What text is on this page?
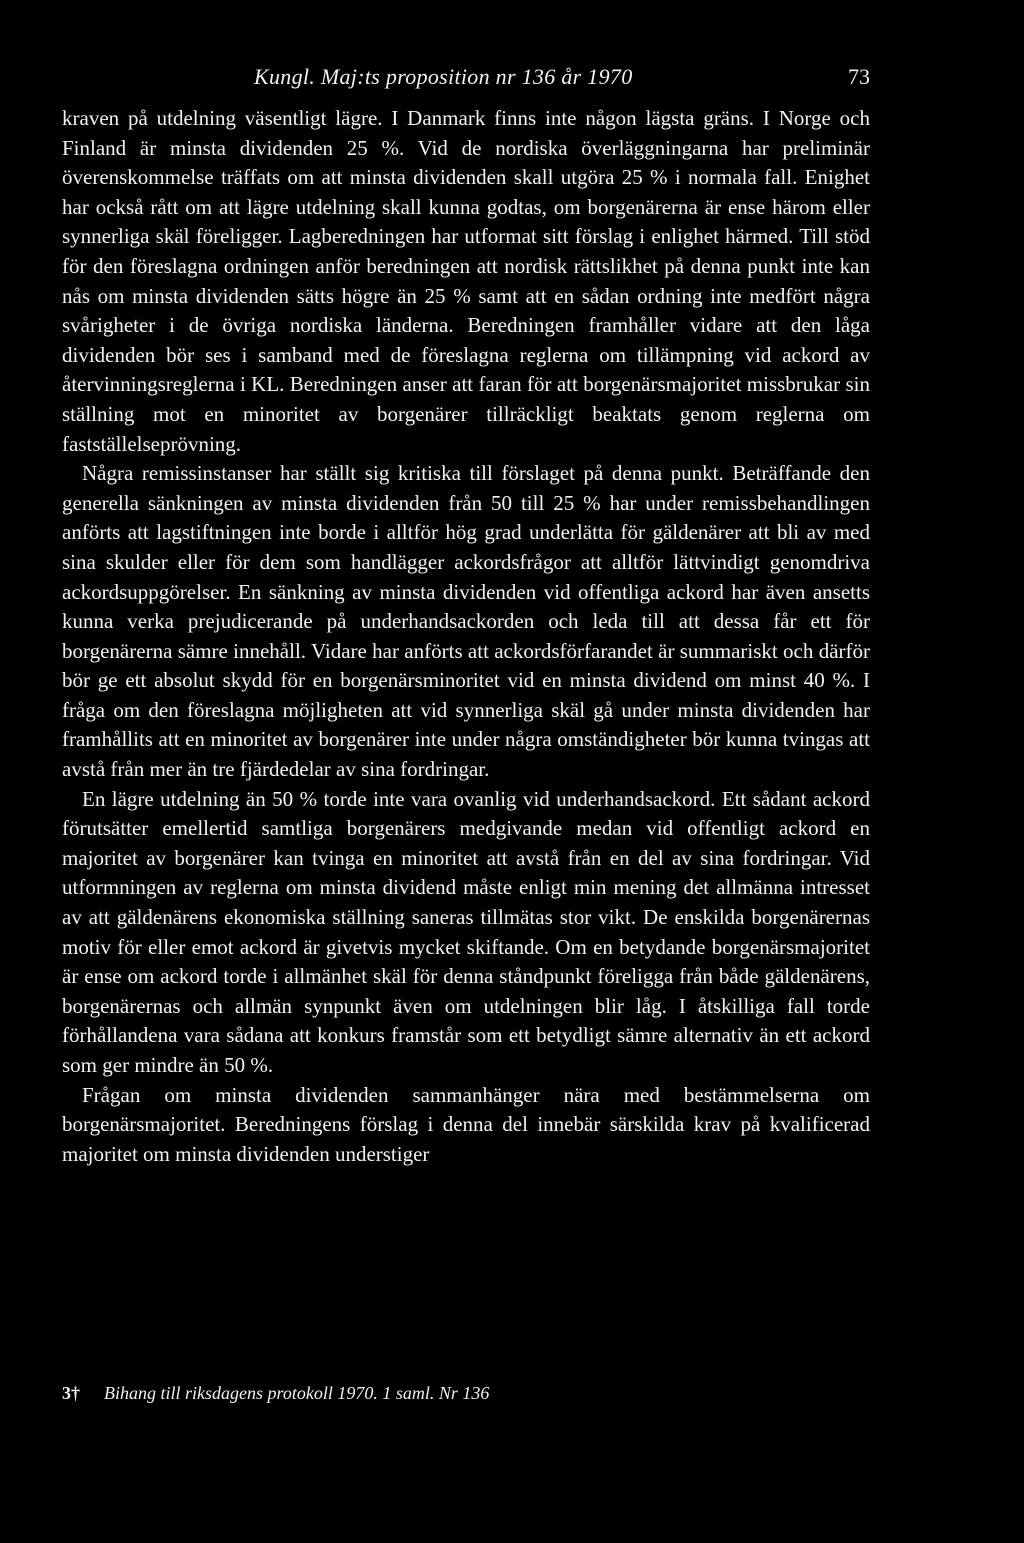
Kungl. Maj:ts proposition nr 136 år 1970	73

kraven på utdelning väsentligt lägre. I Danmark finns inte någon lägsta gräns. I Norge och Finland är minsta dividenden 25 %. Vid de nordiska överläggningarna har preliminär överenskommelse träffats om att minsta dividenden skall utgöra 25 % i normala fall. Enighet har också rått om att lägre utdelning skall kunna godtas, om borgenärerna är ense härom eller synnerliga skäl föreligger. Lagberedningen har utformat sitt förslag i enlighet härmed. Till stöd för den föreslagna ordningen anför beredningen att nordisk rättslikhet på denna punkt inte kan nås om minsta dividenden sätts högre än 25 % samt att en sådan ordning inte medfört några svårigheter i de övriga nordiska länderna. Beredningen framhåller vidare att den låga dividenden bör ses i samband med de föreslagna reglerna om tillämpning vid ackord av återvinningsreglerna i KL. Beredningen anser att faran för att borgenärsmajoritet missbrukar sin ställning mot en minoritet av borgenärer tillräckligt beaktats genom reglerna om fastställelseprövning.

Några remissinstanser har ställt sig kritiska till förslaget på denna punkt. Beträffande den generella sänkningen av minsta dividenden från 50 till 25 % har under remissbehandlingen anförts att lagstiftningen inte borde i alltför hög grad underlätta för gäldenärer att bli av med sina skulder eller för dem som handlägger ackordsfrågor att alltför lättvindigt genomdriva ackordsuppgörelser. En sänkning av minsta dividenden vid offentliga ackord har även ansetts kunna verka prejudicerande på underhandsackorden och leda till att dessa får ett för borgenärerna sämre innehåll. Vidare har anförts att ackordsförfarandet är summariskt och därför bör ge ett absolut skydd för en borgenärsminoritet vid en minsta dividend om minst 40 %. I fråga om den föreslagna möjligheten att vid synnerliga skäl gå under minsta dividenden har framhållits att en minoritet av borgenärer inte under några omständigheter bör kunna tvingas att avstå från mer än tre fjärdedelar av sina fordringar.

En lägre utdelning än 50 % torde inte vara ovanlig vid underhandsackord. Ett sådant ackord förutsätter emellertid samtliga borgenärers medgivande medan vid offentligt ackord en majoritet av borgenärer kan tvinga en minoritet att avstå från en del av sina fordringar. Vid utformningen av reglerna om minsta dividend måste enligt min mening det allmänna intresset av att gäldenärens ekonomiska ställning saneras tillmätas stor vikt. De enskilda borgenärernas motiv för eller emot ackord är givetvis mycket skiftande. Om en betydande borgenärsmajoritet är ense om ackord torde i allmänhet skäl för denna ståndpunkt föreligga från både gäldenärens, borgenärernas och allmän synpunkt även om utdelningen blir låg. I åtskilliga fall torde förhållandena vara sådana att konkurs framstår som ett betydligt sämre alternativ än ett ackord som ger mindre än 50 %.

Frågan om minsta dividenden sammanhänger nära med bestämmelserna om borgenärsmajoritet. Beredningens förslag i denna del innebär särskilda krav på kvalificerad majoritet om minsta dividenden understiger

3† Bihang till riksdagens protokoll 1970. 1 saml. Nr 136
